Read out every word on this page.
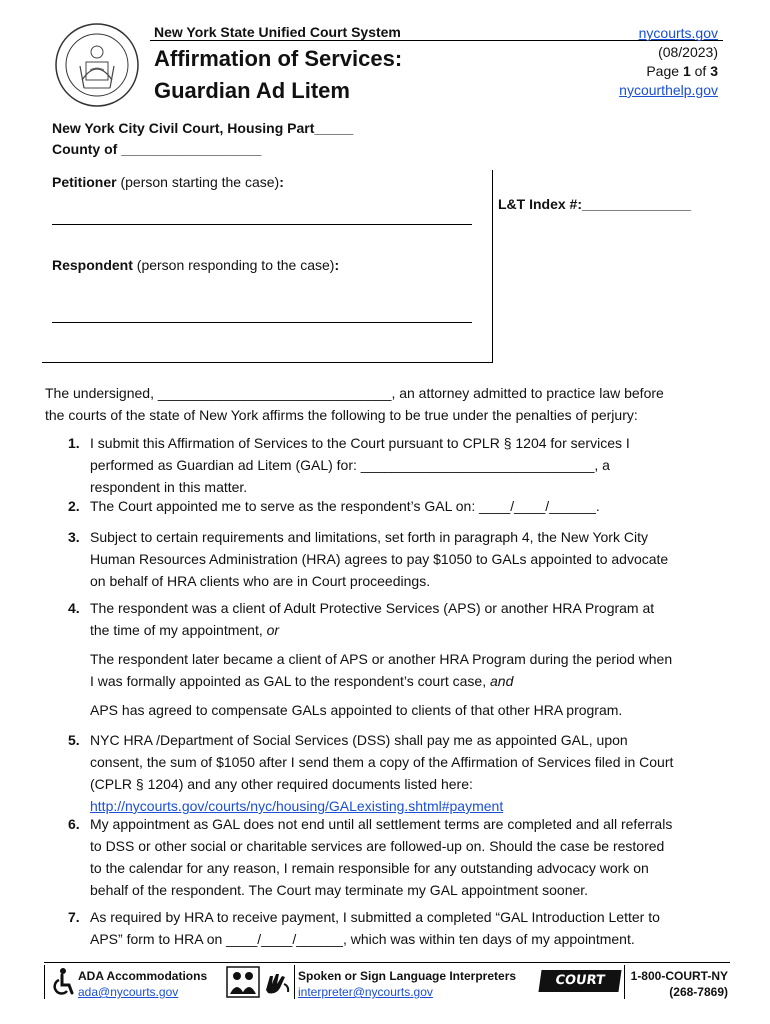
New York State Unified Court System
Affirmation of Services:
Guardian Ad Litem
nycourts.gov
(08/2023)
Page 1 of 3
nycourthelp.gov
New York City Civil Court, Housing Part_____
County of __________________
Petitioner (person starting the case):
Respondent (person responding to the case):
L&T Index #:______________
The undersigned, ______________________________, an attorney admitted to practice law before
the courts of the state of New York affirms the following to be true under the penalties of perjury:
1. I submit this Affirmation of Services to the Court pursuant to CPLR § 1204 for services I
performed as Guardian ad Litem (GAL) for: ______________________________, a
respondent in this matter.
2. The Court appointed me to serve as the respondent’s GAL on: ____/____/______.
3. Subject to certain requirements and limitations, set forth in paragraph 4, the New York City
Human Resources Administration (HRA) agrees to pay $1050 to GALs appointed to advocate
on behalf of HRA clients who are in Court proceedings.
4. The respondent was a client of Adult Protective Services (APS) or another HRA Program at
the time of my appointment, or
The respondent later became a client of APS or another HRA Program during the period when
I was formally appointed as GAL to the respondent’s court case, and
APS has agreed to compensate GALs appointed to clients of that other HRA program.
5. NYC HRA /Department of Social Services (DSS) shall pay me as appointed GAL, upon
consent, the sum of $1050 after I send them a copy of the Affirmation of Services filed in Court
(CPLR § 1204) and any other required documents listed here:
http://nycourts.gov/courts/nyc/housing/GALexisting.shtml#payment
6. My appointment as GAL does not end until all settlement terms are completed and all referrals
to DSS or other social or charitable services are followed-up on. Should the case be restored
to the calendar for any reason, I remain responsible for any outstanding advocacy work on
behalf of the respondent. The Court may terminate my GAL appointment sooner.
7. As required by HRA to receive payment, I submitted a completed “GAL Introduction Letter to
APS” form to HRA on ____/____/______, which was within ten days of my appointment.
ADA Accommodations
ada@nycourts.gov
Spoken or Sign Language Interpreters
interpreter@nycourts.gov
COURT Help
1-800-COURT-NY
(268-7869)
